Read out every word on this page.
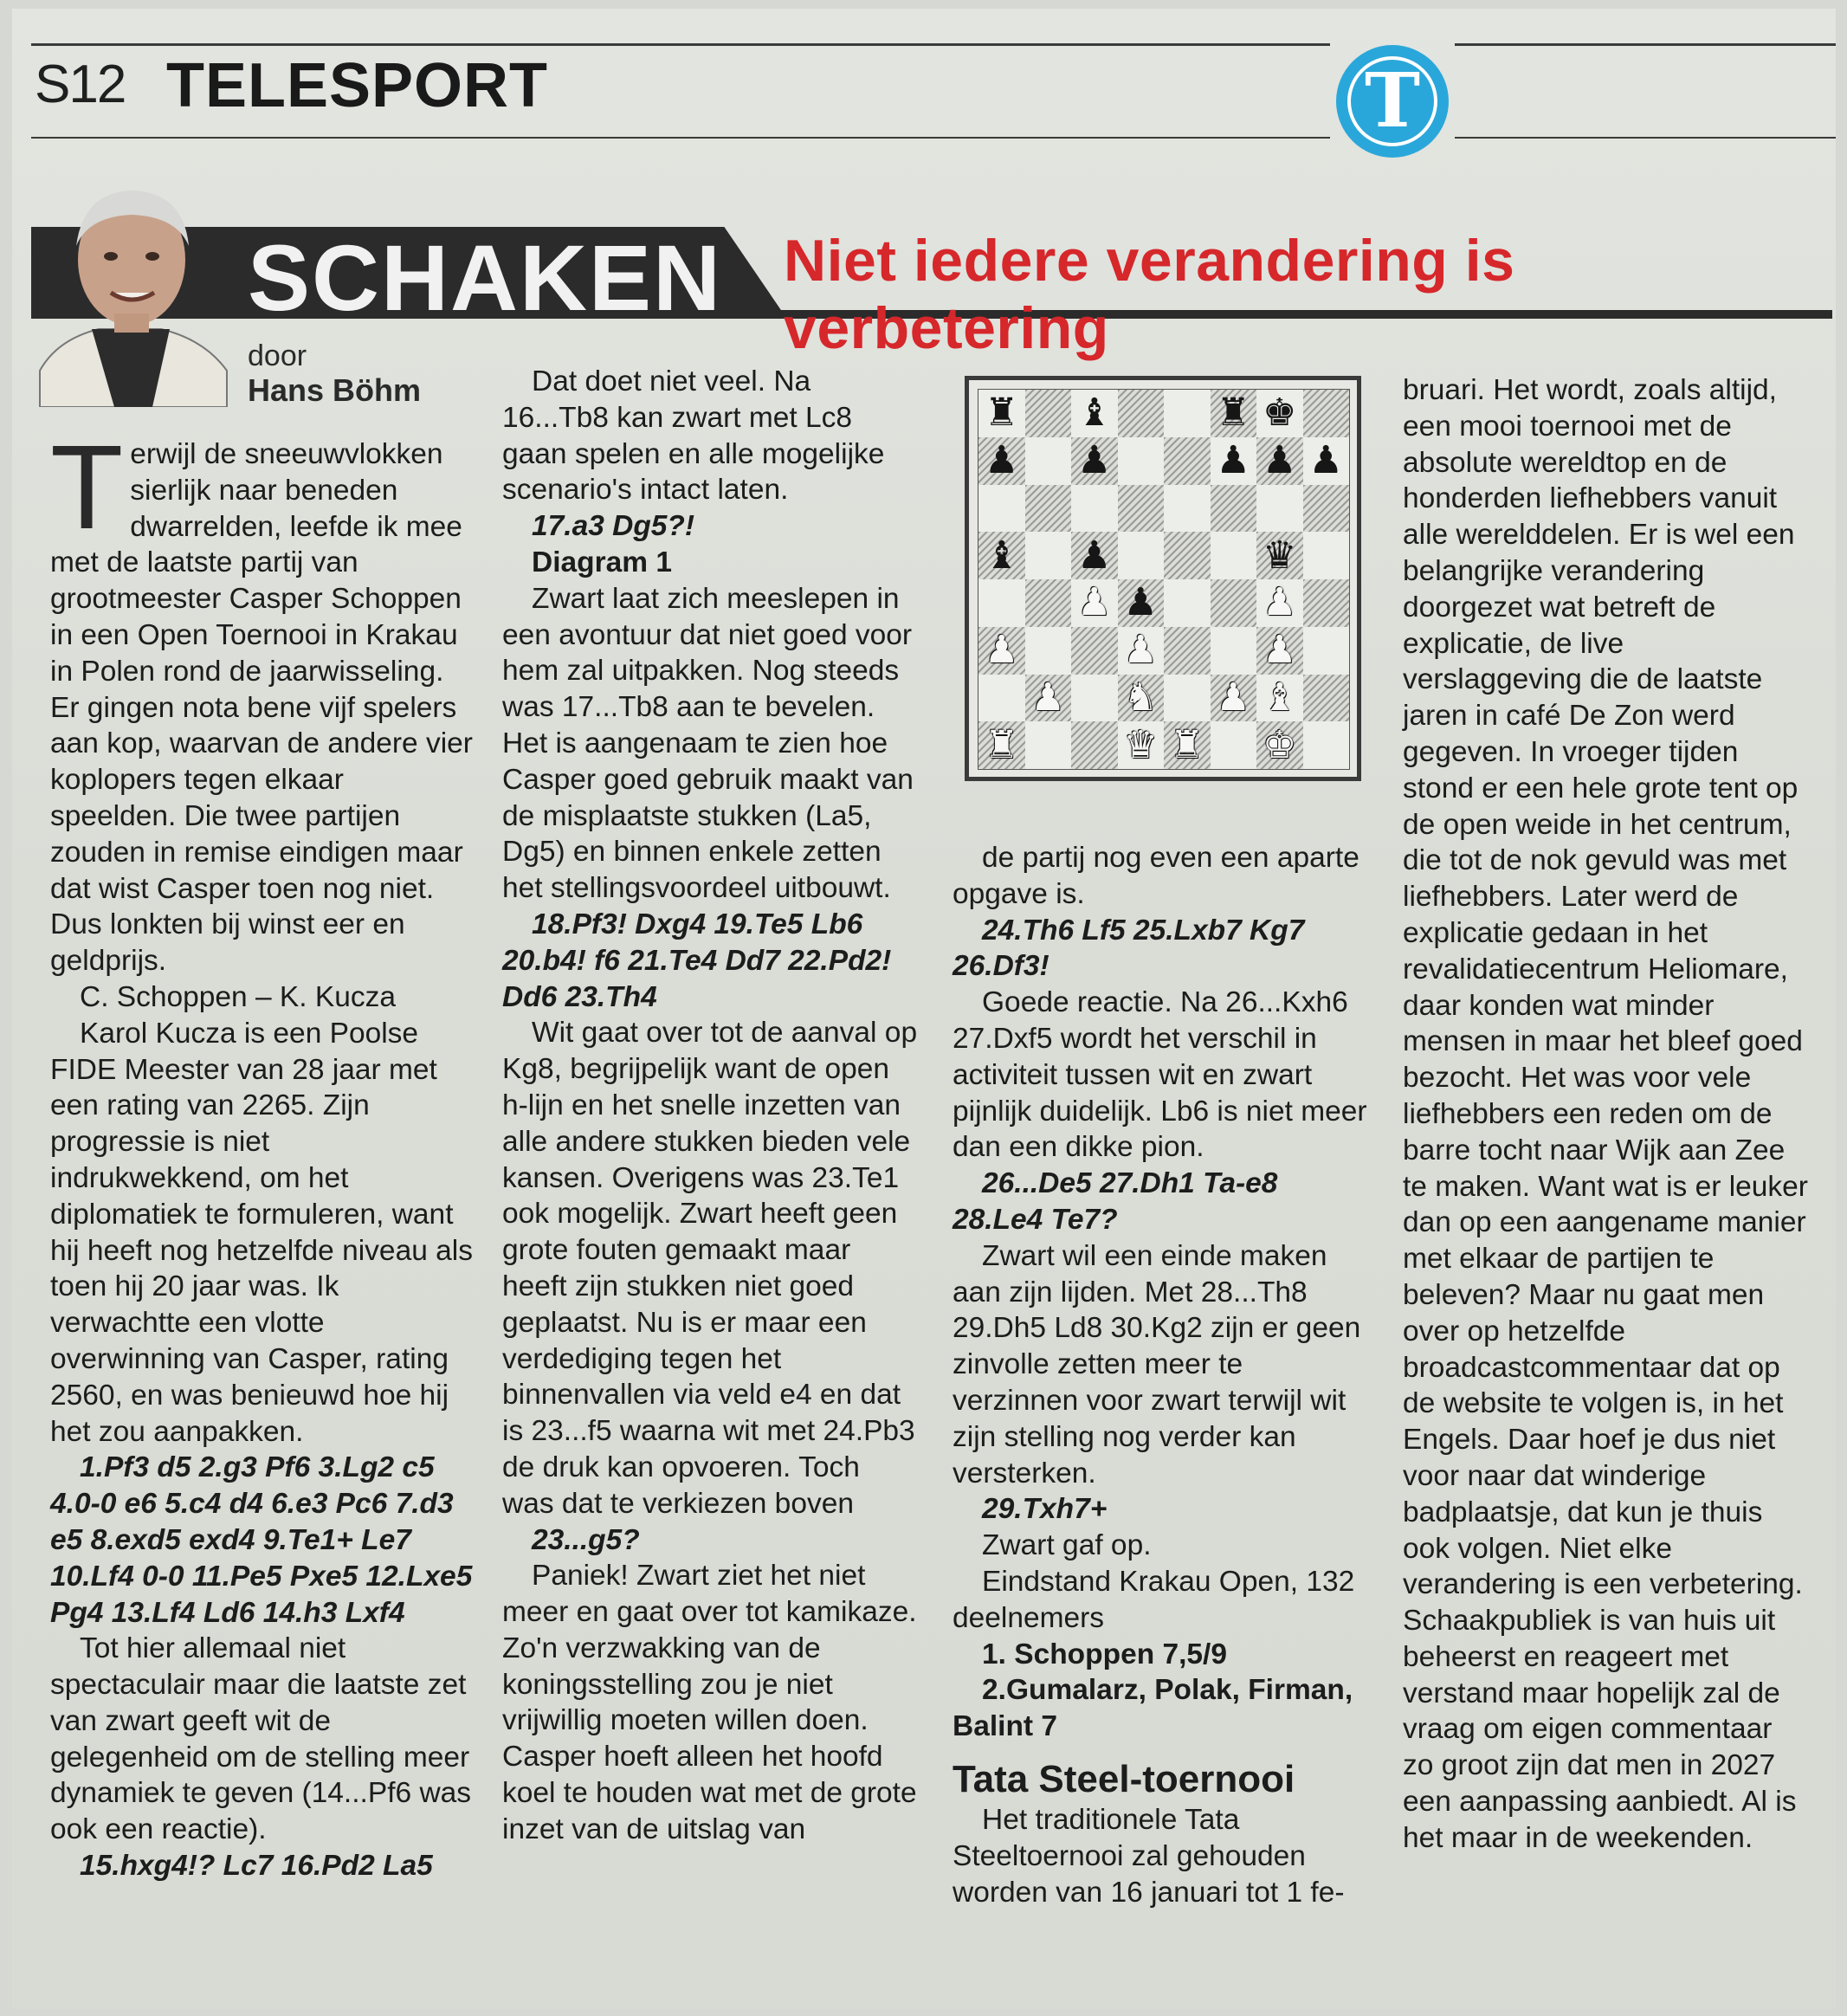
S12 TELESPORT	T
SCHAKEN Niet iedere verandering is verbetering
door
Hans Böhm

Terwijl de sneeuwvlokken sierlijk naar beneden dwarrelden, leefde ik mee met de laatste partij van grootmeester Casper Schoppen in een Open Toernooi in Krakau in Polen rond de jaarwisseling. Er gingen nota bene vijf spelers aan kop, waarvan de andere vier koplopers tegen elkaar speelden. Die twee partijen zouden in remise eindigen maar dat wist Casper toen nog niet. Dus lonkten bij winst eer en geldprijs.

C. Schoppen – K. Kucza

Karol Kucza is een Poolse FIDE Meester van 28 jaar met een rating van 2265. Zijn progressie is niet indrukwekkend, om het diplomatiek te formuleren, want hij heeft nog hetzelfde niveau als toen hij 20 jaar was. Ik verwachtte een vlotte overwinning van Casper, rating 2560, en was benieuwd hoe hij het zou aanpakken.

1.Pf3 d5 2.g3 Pf6 3.Lg2 c5 4.0-0 e6 5.c4 d4 6.e3 Pc6 7.d3 e5 8.exd5 exd4 9.Te1+ Le7 10.Lf4 0-0 11.Pe5 Pxe5 12.Lxe5 Pg4 13.Lf4 Ld6 14.h3 Lxf4

Tot hier allemaal niet spectaculair maar die laatste zet van zwart geeft wit de gelegenheid om de stelling meer dynamiek te geven (14...Pf6 was ook een reactie).

15.hxg4!? Lc7 16.Pd2 La5

Dat doet niet veel. Na 16...Tb8 kan zwart met Lc8 gaan spelen en alle mogelijke scenario's intact laten.

17.a3 Dg5?!

Diagram 1

Zwart laat zich meeslepen in een avontuur dat niet goed voor hem zal uitpakken. Nog steeds was 17...Tb8 aan te bevelen. Het is aangenaam te zien hoe Casper goed gebruik maakt van de misplaatste stukken (La5, Dg5) en binnen enkele zetten het stellingsvoordeel uitbouwt.

18.Pf3! Dxg4 19.Te5 Lb6 20.b4! f6 21.Te4 Dd7 22.Pd2! Dd6 23.Th4

Wit gaat over tot de aanval op Kg8, begrijpelijk want de open h-lijn en het snelle inzetten van alle andere stukken bieden vele kansen. Overigens was 23.Te1 ook mogelijk. Zwart heeft geen grote fouten gemaakt maar heeft zijn stukken niet goed geplaatst. Nu is er maar een verdediging tegen het binnenvallen via veld e4 en dat is 23...f5 waarna wit met 24.Pb3 de druk kan opvoeren. Toch was dat te verkiezen boven

23...g5?

Paniek! Zwart ziet het niet meer en gaat over tot kamikaze. Zo'n verzwakking van de koningsstelling zou je niet vrijwillig moeten willen doen. Casper hoeft alleen het hoofd koel te houden wat met de grote inzet van de uitslag van

♜ ♝	♜ ♚
♟ ♟	♟ ♟ ♟
♝ ♟	♛
♟ ♟	♟
♟	♟	♟
♟ ♞ ♟ ♝
♜	♛ ♜ ♚

de partij nog even een aparte opgave is.

24.Th6 Lf5 25.Lxb7 Kg7 26.Df3!

Goede reactie. Na 26...Kxh6 27.Dxf5 wordt het verschil in activiteit tussen wit en zwart pijnlijk duidelijk. Lb6 is niet meer dan een dikke pion.

26...De5 27.Dh1 Ta-e8 28.Le4 Te7?

Zwart wil een einde maken aan zijn lijden. Met 28...Th8 29.Dh5 Ld8 30.Kg2 zijn er geen zinvolle zetten meer te verzinnen voor zwart terwijl wit zijn stelling nog verder kan versterken.

29.Txh7+

Zwart gaf op.

Eindstand Krakau Open, 132 deelnemers

1. Schoppen 7,5/9

2.Gumalarz, Polak, Firman, Balint 7

Tata Steel-toernooi

Het traditionele Tata Steeltoernooi zal gehouden worden van 16 januari tot 1 fe-

bruari. Het wordt, zoals altijd, een mooi toernooi met de absolute wereldtop en de honderden liefhebbers vanuit alle werelddelen. Er is wel een belangrijke verandering doorgezet wat betreft de explicatie, de live verslaggeving die de laatste jaren in café De Zon werd gegeven. In vroeger tijden stond er een hele grote tent op de open weide in het centrum, die tot de nok gevuld was met liefhebbers. Later werd de explicatie gedaan in het revalidatiecentrum Heliomare, daar konden wat minder mensen in maar het bleef goed bezocht. Het was voor vele liefhebbers een reden om de barre tocht naar Wijk aan Zee te maken. Want wat is er leuker dan op een aangename manier met elkaar de partijen te beleven? Maar nu gaat men over op hetzelfde broadcastcommentaar dat op de website te volgen is, in het Engels. Daar hoef je dus niet voor naar dat winderige badplaatsje, dat kun je thuis ook volgen. Niet elke verandering is een verbetering. Schaakpubliek is van huis uit beheerst en reageert met verstand maar hopelijk zal de vraag om eigen commentaar zo groot zijn dat men in 2027 een aanpassing aanbiedt. Al is het maar in de weekenden.
